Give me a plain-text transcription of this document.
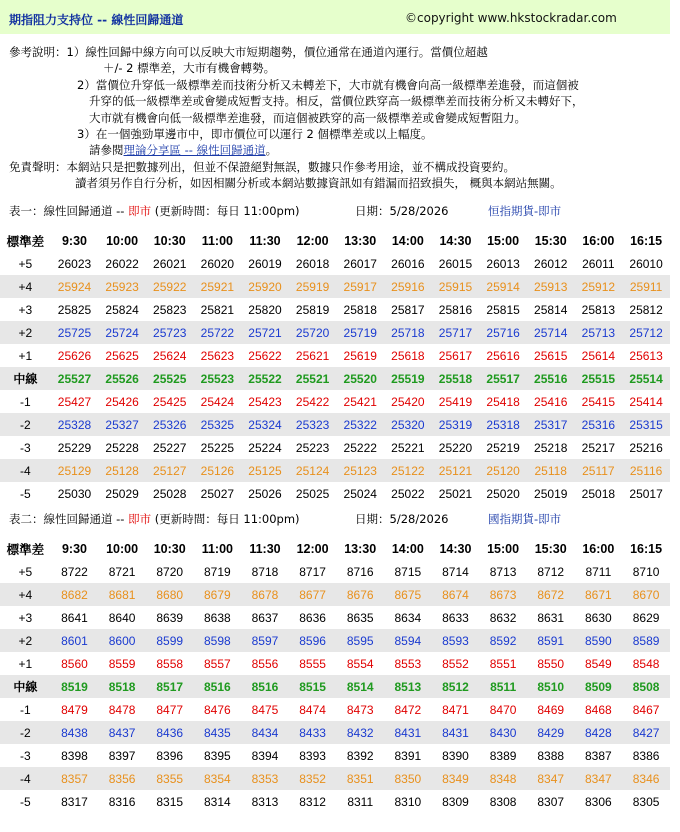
期指阻力支持位 -- 線性回歸通道	©copyright www.hkstockradar.com
參考說明：1）線性回歸中線方向可以反映大市短期趨勢，價位通常在通道內運行。當價位超越
＋/- 2 標準差，大市有機會轉勢。
2）當價位升穿低一級標準差而技術分析又未轉差下，大市就有機會向高一級標準差進發，而這個被
升穿的低一級標準差或會變成短暫支持。相反，當價位跌穿高一級標準差而技術分析又未轉好下，
大市就有機會向低一級標準差進發，而這個被跌穿的高一級標準差或會變成短暫阻力。
3）在一個強勁單邊市中，即市價位可以運行 2 個標準差或以上幅度。
請參閱理論分享區 -- 線性回歸通道。
免責聲明：本網站只是把數據列出，但並不保證絕對無誤，數據只作參考用途，並不構成投資要約。
讀者須另作自行分析，如因相關分析或本網站數據資訊如有錯漏而招致損失， 概與本網站無關。
表一：線性回歸通道 -- 即市 (更新時間：每日 11:00pm)	日期：5/28/2026	恒指期貨-即市
標準差	9:30	10:00	10:30	11:00	11:30	12:00	13:30	14:00	14:30	15:00	15:30	16:00	16:15
+5	26023	26022	26021	26020	26019	26018	26017	26016	26015	26013	26012	26011	26010
+4	25924	25923	25922	25921	25920	25919	25917	25916	25915	25914	25913	25912	25911
+3	25825	25824	25823	25821	25820	25819	25818	25817	25816	25815	25814	25813	25812
+2	25725	25724	25723	25722	25721	25720	25719	25718	25717	25716	25714	25713	25712
+1	25626	25625	25624	25623	25622	25621	25619	25618	25617	25616	25615	25614	25613
中線	25527	25526	25525	25523	25522	25521	25520	25519	25518	25517	25516	25515	25514
-1	25427	25426	25425	25424	25423	25422	25421	25420	25419	25418	25416	25415	25414
-2	25328	25327	25326	25325	25324	25323	25322	25320	25319	25318	25317	25316	25315
-3	25229	25228	25227	25225	25224	25223	25222	25221	25220	25219	25218	25217	25216
-4	25129	25128	25127	25126	25125	25124	25123	25122	25121	25120	25118	25117	25116
-5	25030	25029	25028	25027	25026	25025	25024	25022	25021	25020	25019	25018	25017
表二：線性回歸通道 -- 即市 (更新時間：每日 11:00pm)	日期：5/28/2026	國指期貨-即市
標準差	9:30	10:00	10:30	11:00	11:30	12:00	13:30	14:00	14:30	15:00	15:30	16:00	16:15
+5	8722	8721	8720	8719	8718	8717	8716	8715	8714	8713	8712	8711	8710
+4	8682	8681	8680	8679	8678	8677	8676	8675	8674	8673	8672	8671	8670
+3	8641	8640	8639	8638	8637	8636	8635	8634	8633	8632	8631	8630	8629
+2	8601	8600	8599	8598	8597	8596	8595	8594	8593	8592	8591	8590	8589
+1	8560	8559	8558	8557	8556	8555	8554	8553	8552	8551	8550	8549	8548
中線	8519	8518	8517	8516	8516	8515	8514	8513	8512	8511	8510	8509	8508
-1	8479	8478	8477	8476	8475	8474	8473	8472	8471	8470	8469	8468	8467
-2	8438	8437	8436	8435	8434	8433	8432	8431	8431	8430	8429	8428	8427
-3	8398	8397	8396	8395	8394	8393	8392	8391	8390	8389	8388	8387	8386
-4	8357	8356	8355	8354	8353	8352	8351	8350	8349	8348	8347	8347	8346
-5	8317	8316	8315	8314	8313	8312	8311	8310	8309	8308	8307	8306	8305
